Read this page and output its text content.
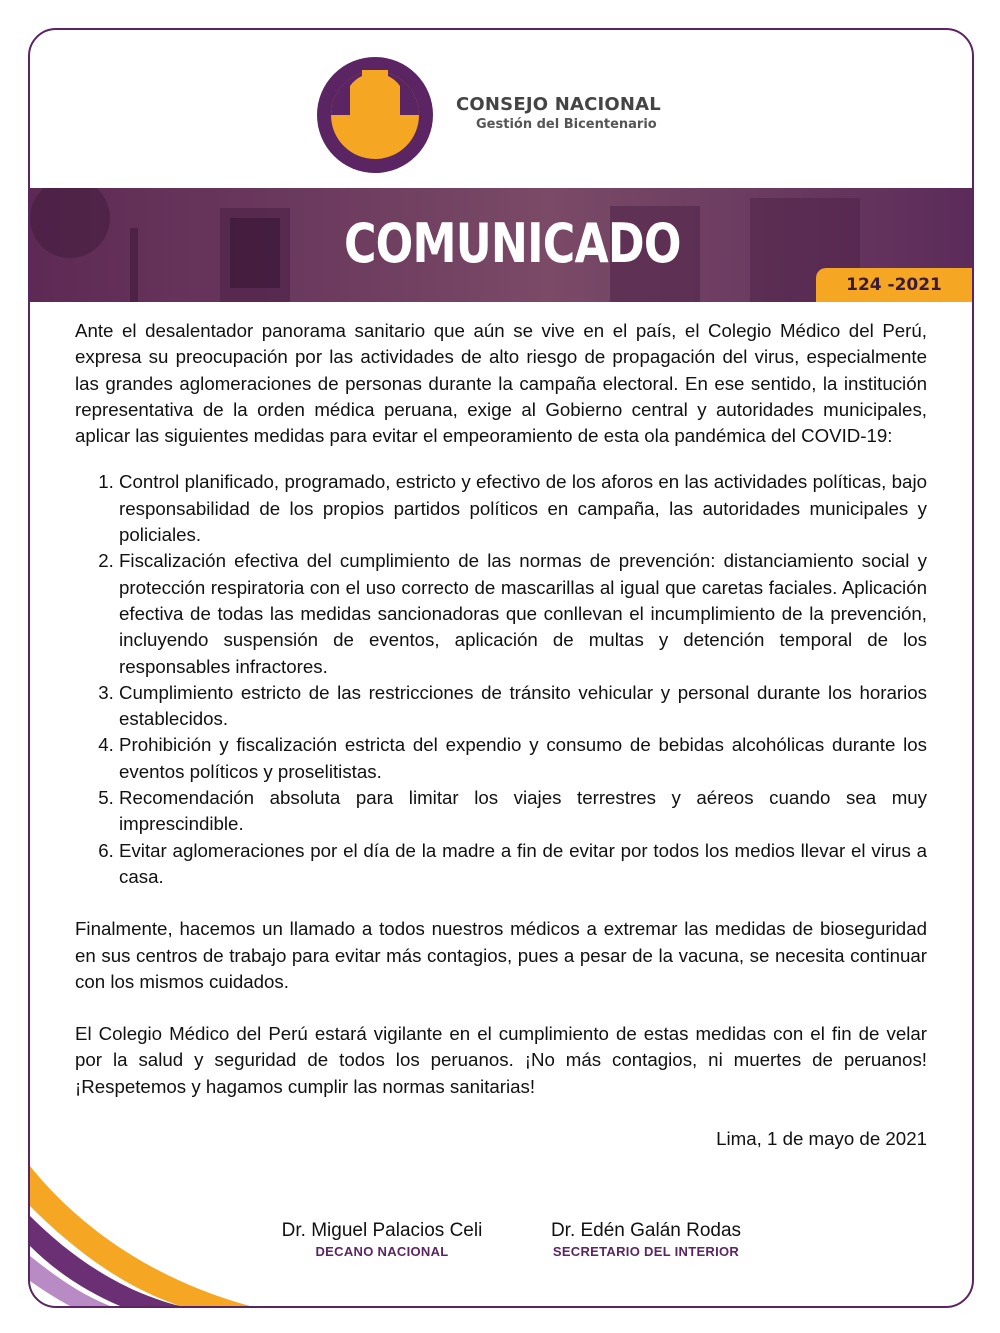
CONSEJO NACIONAL
Gestión del Bicentenario
COMUNICADO
124 -2021

Ante el desalentador panorama sanitario que aún se vive en el país, el Colegio Médico del Perú, expresa su preocupación por las actividades de alto riesgo de propagación del virus, especialmente las grandes aglomeraciones de personas durante la campaña electoral. En ese sentido, la institución representativa de la orden médica peruana, exige al Gobierno central y autoridades municipales, aplicar las siguientes medidas para evitar el empeoramiento de esta ola pandémica del COVID-19:

1. Control planificado, programado, estricto y efectivo de los aforos en las actividades políticas, bajo responsabilidad de los propios partidos políticos en campaña, las autoridades municipales y policiales.
2. Fiscalización efectiva del cumplimiento de las normas de prevención: distanciamiento social y protección respiratoria con el uso correcto de mascarillas al igual que caretas faciales. Aplicación efectiva de todas las medidas sancionadoras que conllevan el incumplimiento de la prevención, incluyendo suspensión de eventos, aplicación de multas y detención temporal de los responsables infractores.
3. Cumplimiento estricto de las restricciones de tránsito vehicular y personal durante los horarios establecidos.
4. Prohibición y fiscalización estricta del expendio y consumo de bebidas alcohólicas durante los eventos políticos y proselitistas.
5. Recomendación absoluta para limitar los viajes terrestres y aéreos cuando sea muy imprescindible.
6. Evitar aglomeraciones por el día de la madre a fin de evitar por todos los medios llevar el virus a casa.

Finalmente, hacemos un llamado a todos nuestros médicos a extremar las medidas de bioseguridad en sus centros de trabajo para evitar más contagios, pues a pesar de la vacuna, se necesita continuar con los mismos cuidados.

El Colegio Médico del Perú estará vigilante en el cumplimiento de estas medidas con el fin de velar por la salud y seguridad de todos los peruanos. ¡No más contagios, ni muertes de peruanos! ¡Respetemos y hagamos cumplir las normas sanitarias!

Lima, 1 de mayo de 2021

Dr. Miguel Palacios Celi
DECANO NACIONAL
Dr. Edén Galán Rodas
SECRETARIO DEL INTERIOR
